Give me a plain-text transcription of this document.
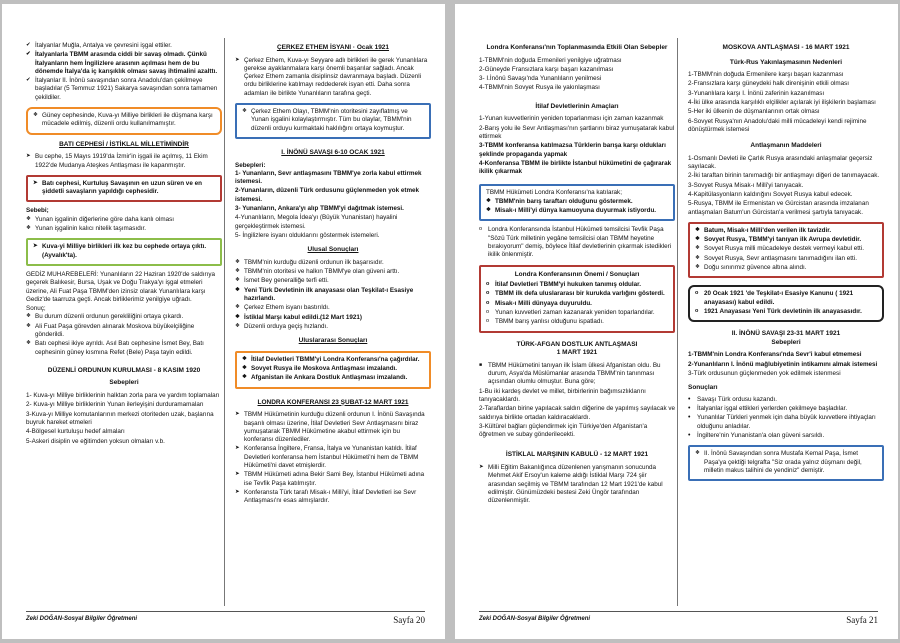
✔ İtalyanlar Muğla, Antalya ve çevresini işgal ettiler.
✔ İtalyanlarla TBMM arasında ciddi bir savaş olmadı. Çünkü İtalyanların hem İngilizlere arasının açılması hem de bu dönemde İtalya'da iç karışıklık olması savaş ihtimalini azalttı.
✔ İtalyanlar II. İnönü savaşından sonra Anadolu'dan çekilmeye başladılar (5 Temmuz 1921) Sakarya savaşından sonra tamamen çekildiler.
❖ Güney cephesinde, Kuva-yı Milliye birlikleri ile düşmana karşı mücadele edilmiş, düzenli ordu kullanılmamıştır.
BATI CEPHESİ / İSTİKLAL MİLLETİMİNDİR
➤ Bu cephe, 15 Mayıs 1919'da İzmir'in işgali ile açılmış, 11 Ekim 1922'de Mudanya Ateşkes Antlaşması ile kapanmıştır.
➤ Batı cephesi, Kurtuluş Savaşının en uzun süren ve en şiddetli savaşların yapıldığı cephesidir.
Sebebi;
❖ Yunan işgalinin diğerlerine göre daha kanlı olması
❖ Yunan işgalinin kalıcı nitelik taşımasıdır.
➤ Kuva-yi Milliye birlikleri ilk kez bu cephede ortaya çıktı. (Ayvalık'ta).

GEDİZ MUHAREBELERİ: Yunanlıların 22 Haziran 1920'de saldırıya geçerek Balıkesir, Bursa, Uşak ve Doğu Trakya'yı işgal etmeleri üzerine, Ali Fuat Paşa TBMM'den izinsiz olarak Yunanlılara karşı Gediz'de taarruza geçti. Ancak birliklerimiz yenilgiye uğradı.

Sonuç;
❖ Bu durum düzenli ordunun gerekliliğini ortaya çıkardı.
❖ Ali Fuat Paşa görevden alınarak Moskova büyükelçiliğine gönderildi.
❖ Batı cephesi ikiye ayrıldı. Asıl Batı cephesine İsmet Bey, Batı cephesinin güney kısmına Refet (Bele) Paşa tayin edildi.
DÜZENLİ ORDUNUN KURULMASI - 8 KASIM 1920
Sebepleri

1- Kuva-yı Milliye birliklerinin halktan zorla para ve yardım toplamaları

2- Kuva-yı Milliye birliklerinin Yunan ilerleyişini durduramamaları

3-Kuva-yı Milliye komutanlarının merkezi otoriteden uzak, başlarına buyruk hareket etmeleri

4-Bölgesel kurtuluşu hedef almaları

5-Askeri disiplin ve eğitimden yoksun olmaları v.b.

ÇERKEZ ETHEM İSYANI · Ocak 1921
➤ Çerkez Ethem, Kuva-yı Seyyare adlı birlikleri ile gerek Yunanlılara gerekse ayaklanmalara karşı önemli başarılar sağladı. Ancak Çerkez Ethem zamanla disiplinsiz davranmaya başladı. Düzenli ordu birliklerine katılmayı reddederek isyan etti. Daha sonra adamları ile birlikte Yunanlıların tarafına geçti.
❖ Çerkez Ethem Olayı, TBMM'nin otoritesini zayıflatmış ve Yunan işgalini kolaylaştırmıştır. Tüm bu olaylar, TBMM'nin düzenli orduyu kurmaktaki haklılığını ortaya koymuştur.
I. İNÖNÜ SAVAŞI 6-10 OCAK 1921
Sebepleri:

1- Yunanların, Sevr antlaşmasını TBMM'ye zorla kabul ettirmek istemesi.

2-Yunanların, düzenli Türk ordusunu güçlenmeden yok etmek istemesi.

3- Yunanların, Ankara'yı alıp TBMM'yi dağıtmak istemesi.

4-Yunanlıların, Megola İdea'yı (Büyük Yunanistan) hayalini gerçekleştirmek istemesi.

5- İngilizlere isyanı olduklarını göstermek istemeleri.

Ulusal Sonuçları
❖ TBMM'nin kurduğu düzenli ordunun ilk başarısıdır.
❖ TBMM'nin otoritesi ve halkın TBMM'ye olan güveni arttı.
❖ İsmet Bey generalliğe terfi etti.
❖ Yeni Türk Devletinin ilk anayasası olan Teşkilat-ı Esasiye hazırlandı.
❖ Çerkez Ethem isyanı bastırıldı.
❖ İstiklal Marşı kabul edildi.(12 Mart 1921)
❖ Düzenli orduya geçiş hızlandı.
Uluslararası Sonuçları
❖ İtilaf Devletleri TBMM'yi Londra Konferansı'na çağırdılar.
❖ Sovyet Rusya ile Moskova Antlaşması imzalandı.
❖ Afganistan ile Ankara Dostluk Antlaşması imzalandı.
LONDRA KONFERANSI 23 ŞUBAT-12 MART 1921
➤ TBMM Hükümetinin kurduğu düzenli ordunun I. İnönü Savaşında başarılı olması üzerine, İtilaf Devletleri Sevr Antlaşmasını biraz yumuşatarak TBMM Hükümetine akabul ettirmek için bu konferansı düzenlediler.
➤ Konferansa İngiltere, Fransa, İtalya ve Yunanistan katıldı. İtilaf Devletleri konferansa hem İstanbul Hükümeti'ni hem de TBMM Hükümeti'ni davet etmişlerdir.
➤ TBMM Hükümeti adına Bekir Sami Bey, İstanbul Hükümeti adına ise Tevfik Paşa katılmıştır.
➤ Konferansta Türk tarafı Misak-ı Milli'yi, İtilaf Devletleri ise Sevr Antlaşması'nı esas almışlardır.
Zeki DOĞAN-Sosyal Bilgiler Öğretmeni	Sayfa 20
Londra Konferansı'nın Toplanmasında Etkili Olan Sebepler

1-TBMM'nin doğuda Ermenileri yenilgiye uğratması

2-Güneyde Fransızlara karşı başarı kazanılması

3- I.İnönü Savaşı'nda Yunanlıların yenilmesi

4-TBMM'nin Sovyet Rusya ile yakınlaşması

İtilaf Devletlerinin Amaçları

1-Yunan kuvvetlerinin yeniden toparlanması için zaman kazanmak

2-Barış yolu ile Sevr Antlaşması'nın şartlarını biraz yumuşatarak kabul ettirmek

3-TBMM konferansa katılmazsa Türklerin barışa karşı oldukları şeklinde propaganda yapmak

4-Konferansa TBMM ile birlikte İstanbul hükümetini de çağırarak ikilik çıkarmak

TBMM Hükümeti Londra Konferansı'na katılarak;
❖ TBMM'nin barış taraftarı olduğunu göstermek.
❖ Misak-ı Milli'yi dünya kamuoyuna duyurmak istiyordu.
o Londra Konferansında İstanbul Hükümeti temsilcisi Tevfik Paşa "Sözü Türk milletinin yegâne temsilcisi olan TBMM heyetine bırakıyorum" demiş, böylece İtilaf devletlerinin çıkarmak istedikleri ikilik önlenmiştir.
Londra Konferansının Önemi / Sonuçları
o İtilaf Devletleri TBMM'yi hukuken tanımış oldular.
o TBMM ilk defa uluslararası bir kurukda varlığını gösterdi.
o Misak-ı Milli dünyaya duyuruldu.
o Yunan kuvvetleri zaman kazanarak yeniden toparlandılar.
o TBMM barış yanlısı olduğunu ispatladı.
TÜRK-AFGAN DOSTLUK ANTLAŞMASI
1 MART 1921
■ TBMM Hükümetini tanıyan ilk İslam ülkesi Afganistan oldu. Bu durum, Asya'da Müslümanlar arasında TBMM'nin tanınması açısından olumlu olmuştur. Buna göre;

1-Bu iki kardeş devlet ve millet, birbirlerinin bağımsızlıklarını tanıyacaklardı.

2-Taraflardan birine yapılacak saldırı diğerine de yapılmış sayılacak ve saldırıya birlikte ortadan kaldıracaklardı.

3-Kültürel bağları güçlendirmek için Türkiye'den Afganistan'a öğretmen ve subay gönderilecekti.

İSTİKLAL MARŞININ KABULÜ - 12 MART 1921
➤ Milli Eğitim Bakanlığınca düzenlenen yarışmanın sonucunda Mehmet Akif Ersoy'un kaleme aldığı İstiklal Marşı 724 şiir arasından seçilmiş ve TBMM tarafından 12 Mart 1921'de kabul edilmiştir. Günümüzdeki bestesi Zeki Üngör tarafından düzenlenmiştir.
MOSKOVA ANTLAŞMASI - 16 MART 1921
Türk-Rus Yakınlaşmasının Nedenleri

1-TBMM'nin doğuda Ermenilere karşı başarı kazanması

2-Fransızlara karşı güneydeki halk direnişinin etkili olması

3-Yunanlılara karşı I. İnönü zaferinin kazanılması

4-İki ülke arasında karşılıklı elçilikler açılarak iyi ilişkilerin başlaması

5-Her iki ülkenin de düşmanlarının ortak olması

6-Sovyet Rusya'nın Anadolu'daki milli mücadeleyi kendi rejimine dönüştürmek istemesi

Antlaşmanın Maddeleri

1-Osmanlı Devleti ile Çarlık Rusya arasındaki anlaşmalar geçersiz sayılacak.

2-İki taraftan birinin tanımadığı bir antlaşmayı diğeri de tanımayacak.

3-Sovyet Rusya Misak-ı Milli'yi tanıyacak.

4-Kapitülasyonların kaldırığını Sovyet Rusya kabul edecek.

5-Rusya, TBMM ile Ermenistan ve Gürcistan arasında imzalanan antlaşmaları Batum'un Gürcistan'a verilmesi şartıyla tanıyacak.

❖ Batum, Misak-ı Milli'den verilen ilk tavizdir.
❖ Sovyet Rusya, TBMM'yi tanıyan ilk Avrupa devletidir.
❖ Sovyet Rusya milli mücadeleye destek vermeyi kabul etti.
❖ Sovyet Rusya, Sevr antlaşmasını tanımadığını ilan etti.
❖ Doğu sınırımız güvence altına alındı.
o 20 Ocak 1921 'de Teşkilat-ı Esasiye Kanunu ( 1921 anayasası) kabul edildi.
o 1921 Anayasası Yeni Türk devletinin ilk anayasasıdır.
II. İNÖNÜ SAVAŞI 23-31 MART 1921
Sebepleri

1-TBMM'nin Londra Konferansı'nda Sevr'i kabul etmemesi

2-Yunanlıların I. İnönü mağlubiyetinin intikamını almak istemesi

3-Türk ordusunun güçlenmeden yok edilmek istenmesi

Sonuçları
• Savaşı Türk ordusu kazandı.
• İtalyanlar işgal ettikleri yerlerden çekilmeye başladılar.
• Yunanlılar Türkleri yenmek için daha büyük kuvvetlere ihtiyaçları olduğunu anladılar.
• İngiltere'nin Yunanistan'a olan güveni sarsıldı.
❖ II. İnönü Savaşından sonra Mustafa Kemal Paşa, İsmet Paşa'ya çektiği telgrafta "Siz orada yalnız düşmanı değil, milletin makus talihini de yendiniz" demiştir.
Zeki DOĞAN-Sosyal Bilgiler Öğretmeni	Sayfa 21
